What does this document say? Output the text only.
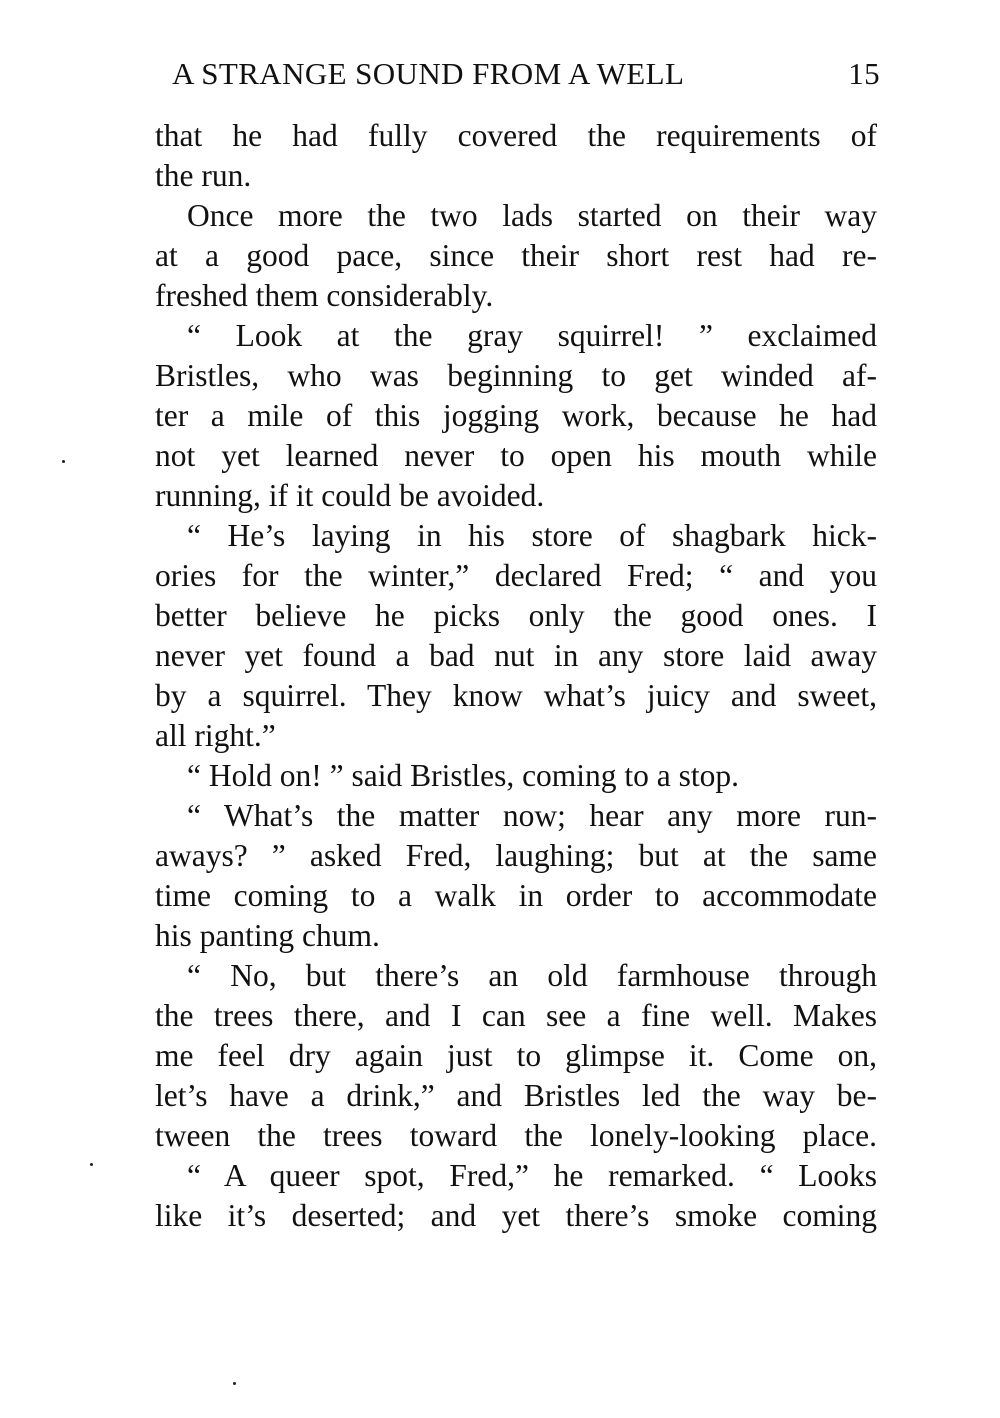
A STRANGE SOUND FROM A WELL	15
that he had fully covered the requirements of
the run.
Once more the two lads started on their way
at a good pace, since their short rest had re-
freshed them considerably.
“ Look at the gray squirrel! ” exclaimed
Bristles, who was beginning to get winded af-
ter a mile of this jogging work, because he had
not yet learned never to open his mouth while
running, if it could be avoided.
“ He’s laying in his store of shagbark hick-
ories for the winter,” declared Fred; “ and you
better believe he picks only the good ones. I
never yet found a bad nut in any store laid away
by a squirrel. They know what’s juicy and sweet,
all right.”
“ Hold on! ” said Bristles, coming to a stop.
“ What’s the matter now; hear any more run-
aways? ” asked Fred, laughing; but at the same
time coming to a walk in order to accommodate
his panting chum.
“ No, but there’s an old farmhouse through
the trees there, and I can see a fine well. Makes
me feel dry again just to glimpse it. Come on,
let’s have a drink,” and Bristles led the way be-
tween the trees toward the lonely-looking place.
“ A queer spot, Fred,” he remarked. “ Looks
like it’s deserted; and yet there’s smoke coming
